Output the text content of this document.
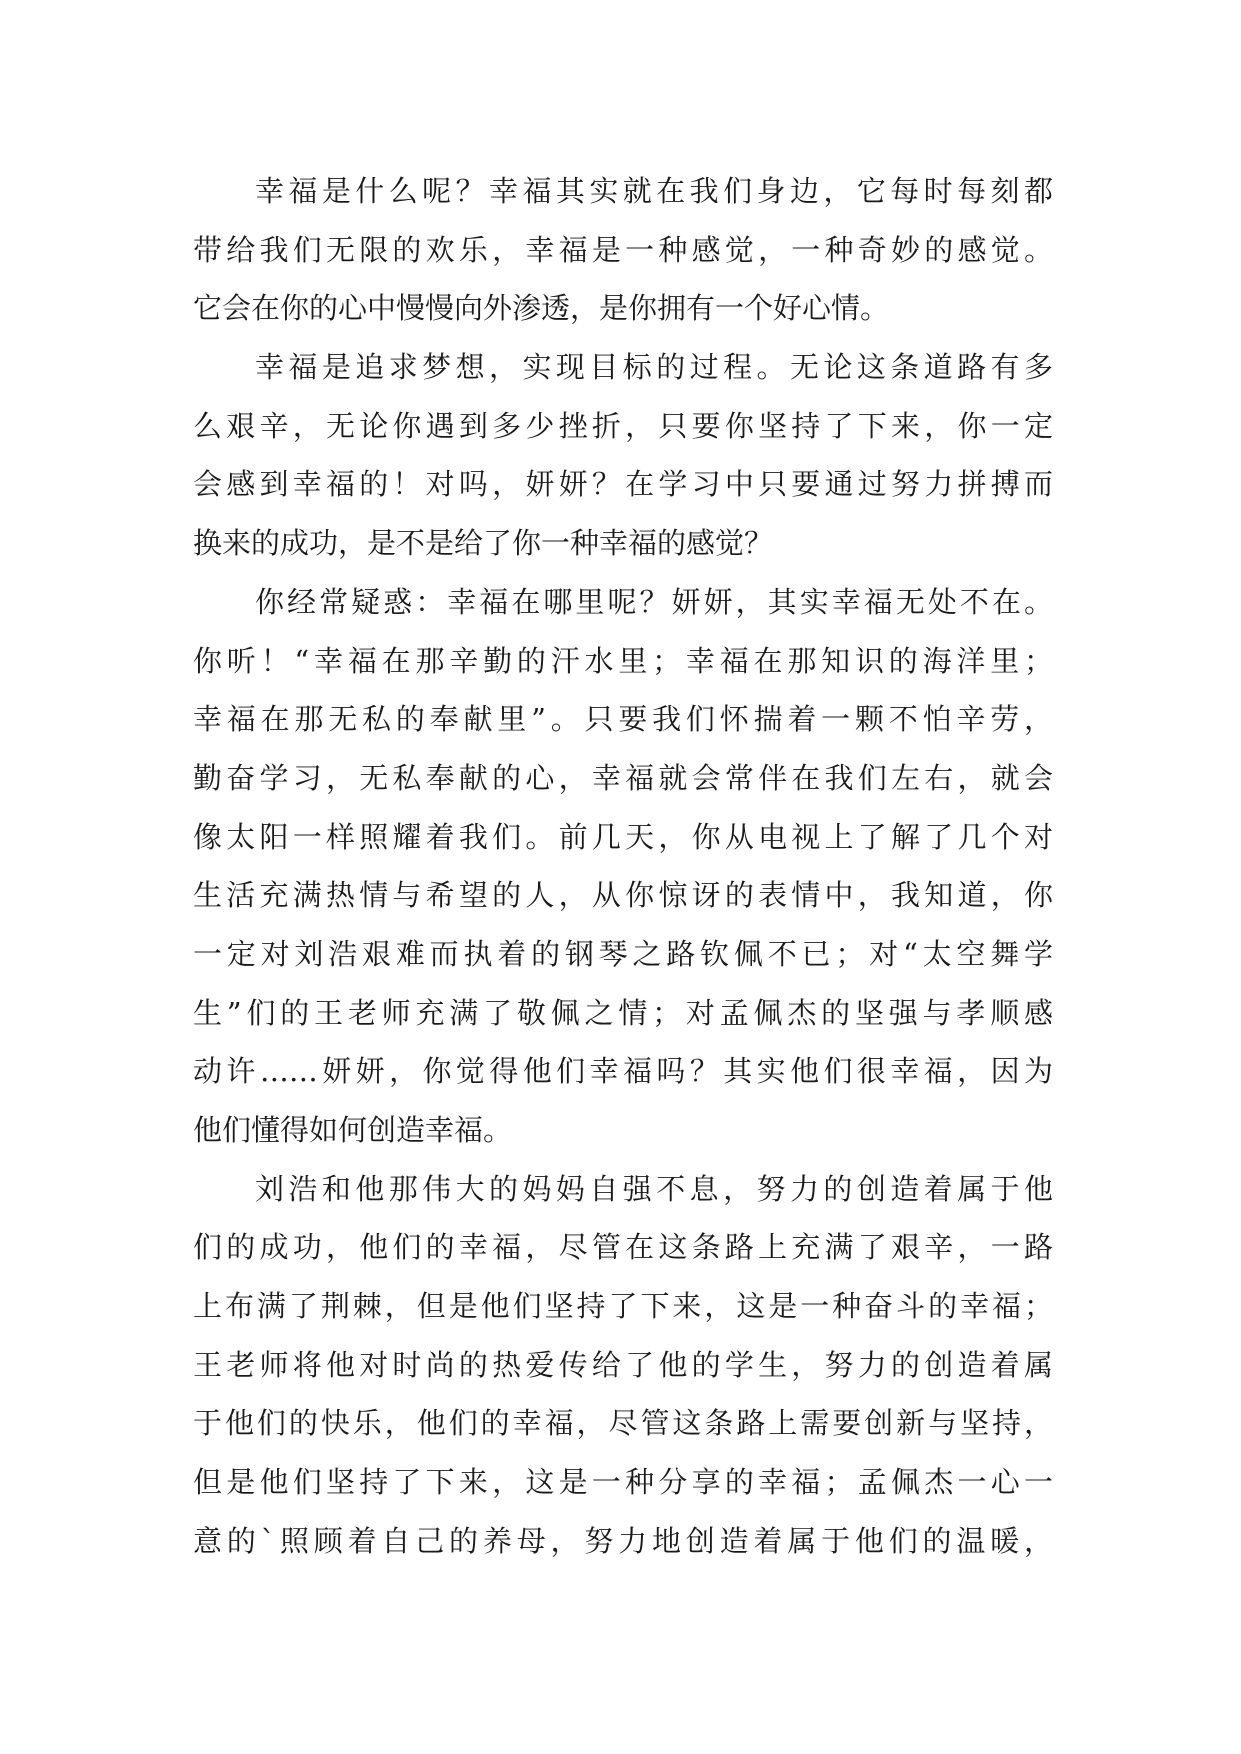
幸福是什么呢？幸福其实就在我们身边，它每时每刻都
带给我们无限的欢乐，幸福是一种感觉，一种奇妙的感觉。
它会在你的心中慢慢向外渗透，是你拥有一个好心情。
幸福是追求梦想，实现目标的过程。无论这条道路有多
么艰辛，无论你遇到多少挫折，只要你坚持了下来，你一定
会感到幸福的！对吗，妍妍？在学习中只要通过努力拼搏而
换来的成功，是不是给了你一种幸福的感觉？
你经常疑惑：幸福在哪里呢？妍妍，其实幸福无处不在。
你听！“幸福在那辛勤的汗水里；幸福在那知识的海洋里；
幸福在那无私的奉献里”。只要我们怀揣着一颗不怕辛劳，
勤奋学习，无私奉献的心，幸福就会常伴在我们左右，就会
像太阳一样照耀着我们。前几天，你从电视上了解了几个对
生活充满热情与希望的人，从你惊讶的表情中，我知道，你
一定对刘浩艰难而执着的钢琴之路钦佩不已；对“太空舞学
生”们的王老师充满了敬佩之情；对孟佩杰的坚强与孝顺感
动许……妍妍，你觉得他们幸福吗？其实他们很幸福，因为
他们懂得如何创造幸福。
刘浩和他那伟大的妈妈自强不息，努力的创造着属于他
们的成功，他们的幸福，尽管在这条路上充满了艰辛，一路
上布满了荆棘，但是他们坚持了下来，这是一种奋斗的幸福；
王老师将他对时尚的热爱传给了他的学生，努力的创造着属
于他们的快乐，他们的幸福，尽管这条路上需要创新与坚持，
但是他们坚持了下来，这是一种分享的幸福；孟佩杰一心一
意的`照顾着自己的养母，努力地创造着属于他们的温暖，
